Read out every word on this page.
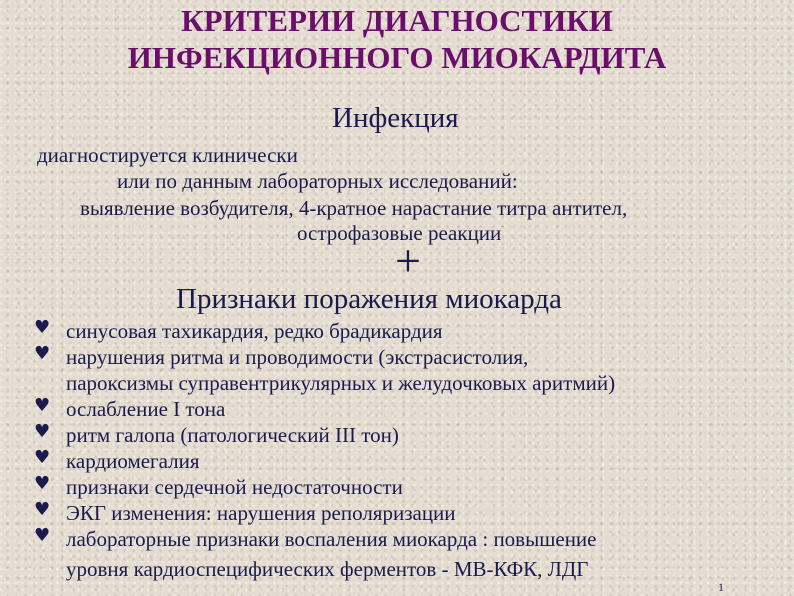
КРИТЕРИИ ДИАГНОСТИКИ
ИНФЕКЦИОННОГО МИОКАРДИТА
Инфекция
диагностируется клинически
или по данным лабораторных исследований:
выявление возбудителя, 4-кратное нарастание титра антител,
острофазовые реакции
+
Признаки поражения миокарда
♥ синусовая тахикардия, редко брадикардия
♥ нарушения ритма и проводимости (экстрасистолия,
пароксизмы суправентрикулярных и желудочковых аритмий)
♥ ослабление I тона
♥ ритм галопа (патологический III тон)
♥ кардиомегалия
♥ признаки сердечной недостаточности
♥ ЭКГ изменения: нарушения реполяризации
♥ лабораторные признаки воспаления миокарда : повышение
уровня кардиоспецифических ферментов - МВ-КФК, ЛДГ
1
